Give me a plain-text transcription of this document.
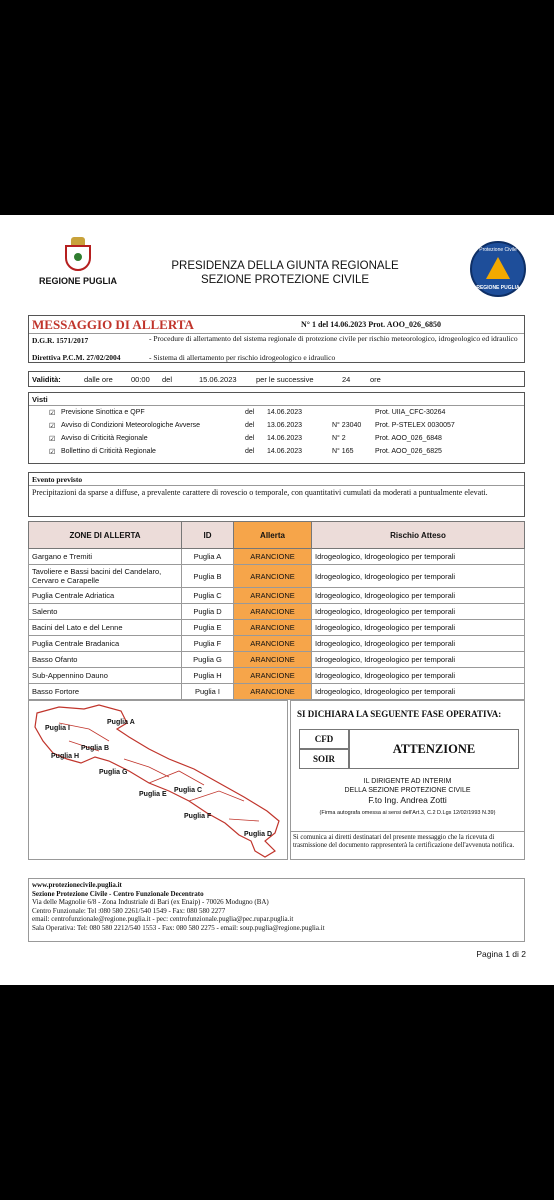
REGIONE PUGLIA
PRESIDENZA DELLA GIUNTA REGIONALE
SEZIONE PROTEZIONE CIVILE
Protezione Civile
REGIONE PUGLIA
MESSAGGIO DI ALLERTA	N° 1 del 14.06.2023 Prot. AOO_026_6850
D.G.R. 1571/2017	- Procedure di allertamento del sistema regionale di protezione civile per rischio meteorologico, idrogeologico ed idraulico
Direttiva P.C.M. 27/02/2004	- Sistema di allertamento per rischio idrogeologico e idraulico
Validità:	dalle ore 00:00 del	15.06.2023	per le successive	24	ore
Visti
☑ Previsione Sinottica e QPF	del 14.06.2023	Prot. UIIA_CFC-30264
☑ Avviso di Condizioni Meteorologiche Avverse	del 13.06.2023	N° 23040 Prot. P-STELEX 0030057
☑ Avviso di Criticità Regionale	del 14.06.2023	N° 2	Prot. AOO_026_6848
☑ Bollettino di Criticità Regionale	del 14.06.2023	N° 165	Prot. AOO_026_6825
Evento previsto
Precipitazioni da sparse a diffuse, a prevalente carattere di rovescio o temporale, con quantitativi cumulati da moderati a puntualmente elevati.
ZONE DI ALLERTA	ID	Allerta	Rischio Atteso
Gargano e Tremiti	Puglia A	ARANCIONE	Idrogeologico, Idrogeologico per temporali
Tavoliere e Bassi bacini del Candelaro, Cervaro e Carapelle	Puglia B	ARANCIONE	Idrogeologico, Idrogeologico per temporali
Puglia Centrale Adriatica	Puglia C	ARANCIONE	Idrogeologico, Idrogeologico per temporali
Salento	Puglia D	ARANCIONE	Idrogeologico, Idrogeologico per temporali
Bacini del Lato e del Lenne	Puglia E	ARANCIONE	Idrogeologico, Idrogeologico per temporali
Puglia Centrale Bradanica	Puglia F	ARANCIONE	Idrogeologico, Idrogeologico per temporali
Basso Ofanto	Puglia G	ARANCIONE	Idrogeologico, Idrogeologico per temporali
Sub-Appennino Dauno	Puglia H	ARANCIONE	Idrogeologico, Idrogeologico per temporali
Basso Fortore	Puglia I	ARANCIONE	Idrogeologico, Idrogeologico per temporali
Puglia A
Puglia I
Puglia H
Puglia B
Puglia G
Puglia C
Puglia E
Puglia F
Puglia D
SI DICHIARA LA SEGUENTE FASE OPERATIVA:
CFD
SOIR
ATTENZIONE
IL DIRIGENTE AD INTERIM
DELLA SEZIONE PROTEZIONE CIVILE
F.to Ing. Andrea Zotti
(Firma autografa omessa ai sensi dell'Art.3, C.2 D.Lgs 12/02/1993 N.39)
Si comunica ai diretti destinatari del presente messaggio che la ricevuta di trasmissione del documento rappresenterà la certificazione dell'avvenuta notifica.
www.protezionecivile.puglia.it
Sezione Protezione Civile - Centro Funzionale Decentrato
Via delle Magnolie 6/8 - Zona Industriale di Bari (ex Enaip) - 70026 Modugno (BA)
Centro Funzionale: Tel :080 580 2261/540 1549 - Fax: 080 580 2277
email: centrofunzionale@regione.puglia.it - pec: centrofunzionale.puglia@pec.rupar.puglia.it
Sala Operativa: Tel: 080 580 2212/540 1553 - Fax: 080 580 2275 - email: soup.puglia@regione.puglia.it
Pagina 1 di 2
